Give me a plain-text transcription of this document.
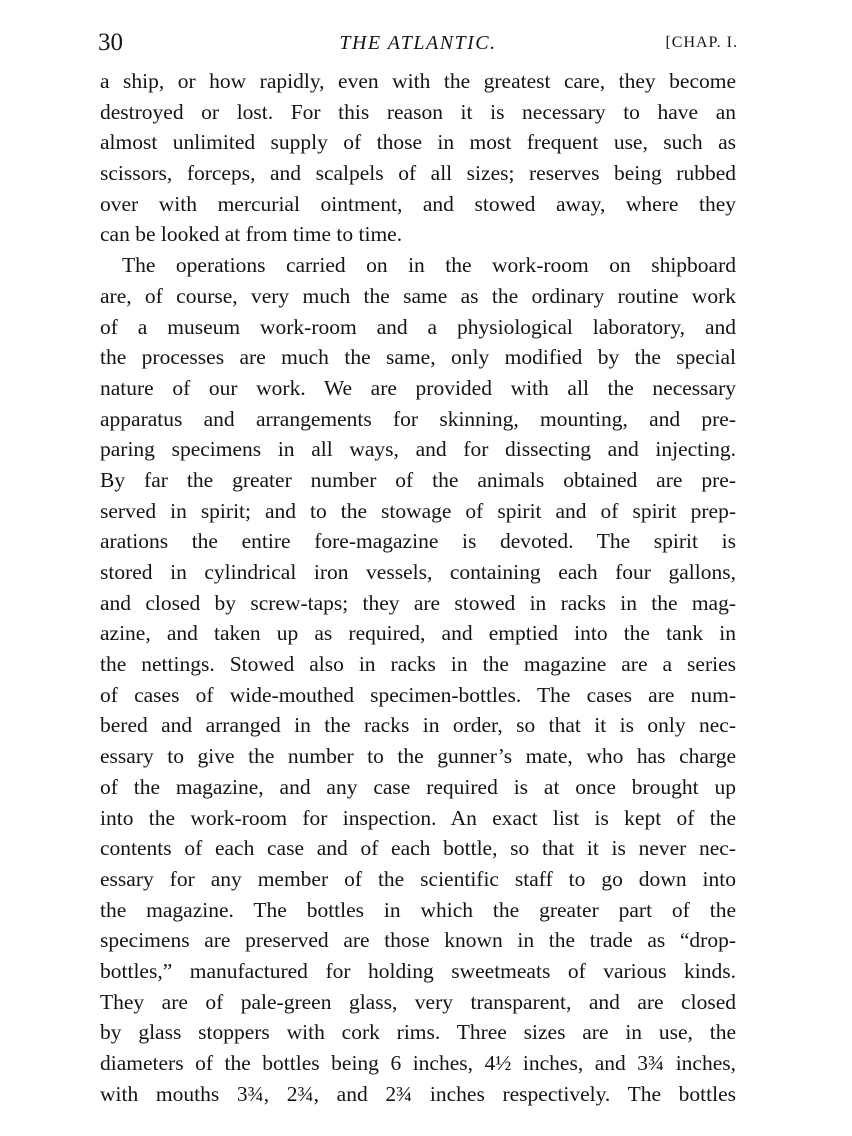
30	THE ATLANTIC.	[CHAP. I.
a ship, or how rapidly, even with the greatest care, they become
destroyed or lost. For this reason it is necessary to have an
almost unlimited supply of those in most frequent use, such as
scissors, forceps, and scalpels of all sizes; reserves being rubbed
over with mercurial ointment, and stowed away, where they
can be looked at from time to time.
The operations carried on in the work-room on shipboard
are, of course, very much the same as the ordinary routine work
of a museum work-room and a physiological laboratory, and
the processes are much the same, only modified by the special
nature of our work. We are provided with all the necessary
apparatus and arrangements for skinning, mounting, and pre-
paring specimens in all ways, and for dissecting and injecting.
By far the greater number of the animals obtained are pre-
served in spirit; and to the stowage of spirit and of spirit prep-
arations the entire fore-magazine is devoted. The spirit is
stored in cylindrical iron vessels, containing each four gallons,
and closed by screw-taps; they are stowed in racks in the mag-
azine, and taken up as required, and emptied into the tank in
the nettings. Stowed also in racks in the magazine are a series
of cases of wide-mouthed specimen-bottles. The cases are num-
bered and arranged in the racks in order, so that it is only nec-
essary to give the number to the gunner’s mate, who has charge
of the magazine, and any case required is at once brought up
into the work-room for inspection. An exact list is kept of the
contents of each case and of each bottle, so that it is never nec-
essary for any member of the scientific staff to go down into
the magazine. The bottles in which the greater part of the
specimens are preserved are those known in the trade as “drop-
bottles,” manufactured for holding sweetmeats of various kinds.
They are of pale-green glass, very transparent, and are closed
by glass stoppers with cork rims. Three sizes are in use, the
diameters of the bottles being 6 inches, 4½ inches, and 3¾ inches,
with mouths 3¾, 2¾, and 2¾ inches respectively. The bottles
